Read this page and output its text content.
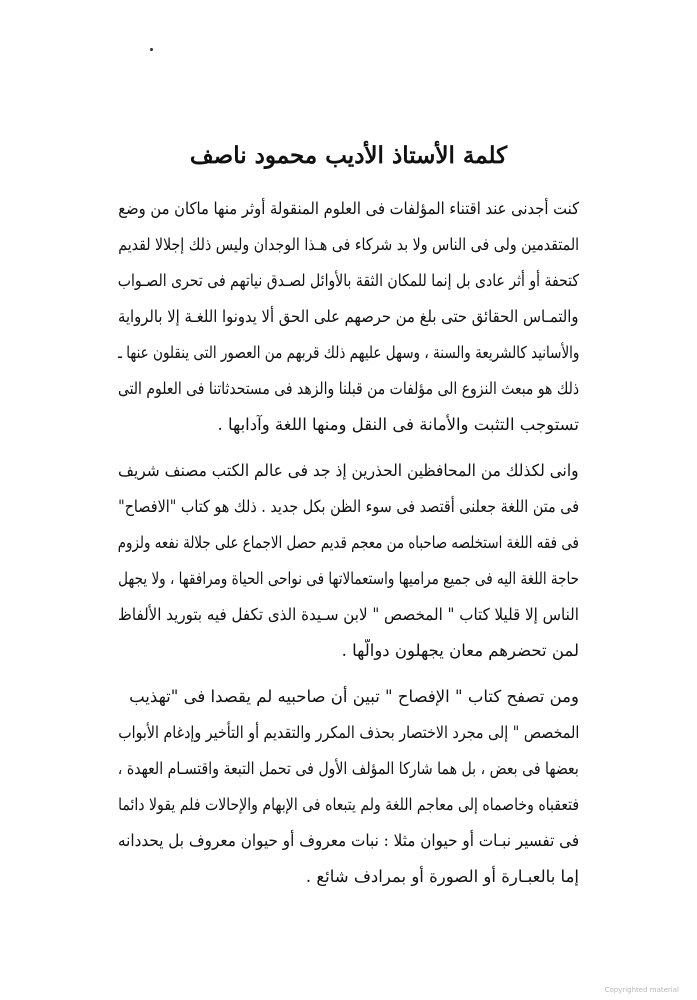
كلمة الأستاذ الأديب محمود ناصف
كنت أجدنى عند اقتناء المؤلفات فى العلوم المنقولة أوثر منها ماكان من وضع
المتقدمين ولى فى الناس ولا بد شركاء فى هـذا الوجدان وليس ذلك إجلالا لقديم
كتحفة أو أثر عادى بل إنما للمكان الثقة بالأوائل لصـدق نياتهم فى تحرى الصـواب
والتمـاس الحقائق حتى بلغ من حرصهم على الحق ألا يدونوا اللغـة إلا بالرواية
والأسانيد كالشريعة والسنة ، وسهل عليهم ذلك قربهم من العصور التى ينقلون عنها ـ
ذلك هو مبعث النزوع الى مؤلفات من قبلنا والزهد فى مستحدثاتنا فى العلوم التى
تستوجب التثبت والأمانة فى النقل ومنها اللغة وآدابها .
وانى لكذلك من المحافظين الحذرين إذ جد فى عالم الكتب مصنف شريف
فى متن اللغة جعلنى أقتصد فى سوء الظن بكل جديد . ذلك هو كتاب "الافصاح"
فى فقه اللغة استخلصه صاحباه من معجم قديم حصل الاجماع على جلالة نفعه ولزوم
حاجة اللغة اليه فى جميع مراميها واستعمالاتها فى نواحى الحياة ومرافقها ، ولا يجهل
الناس إلا قليلا كتاب " المخصص " لابن سـيدة الذى تكفل فيه بتوريد الألفاظ
لمن تحضرهم معان يجهلون دوالّها .
ومن تصفح كتاب " الإفصاح " تبين أن صاحبيه لم يقصدا فى "تهذيب
المخصص " إلى مجرد الاختصار بحذف المكرر والتقديم أو التأخير وإدغام الأبواب
بعضها فى بعض ، بل هما شاركا المؤلف الأول فى تحمل التبعة واقتسـام العهدة ،
فتعقباه وخاصماه إلى معاجم اللغة ولم يتبعاه فى الإبهام والإحالات فلم يقولا دائما
فى تفسير نبـات أو حيوان مثلا : نبات معروف أو حيوان معروف بل يحددانه
إما بالعبـارة أو الصورة أو بمرادف شائع .
Copyrighted material
